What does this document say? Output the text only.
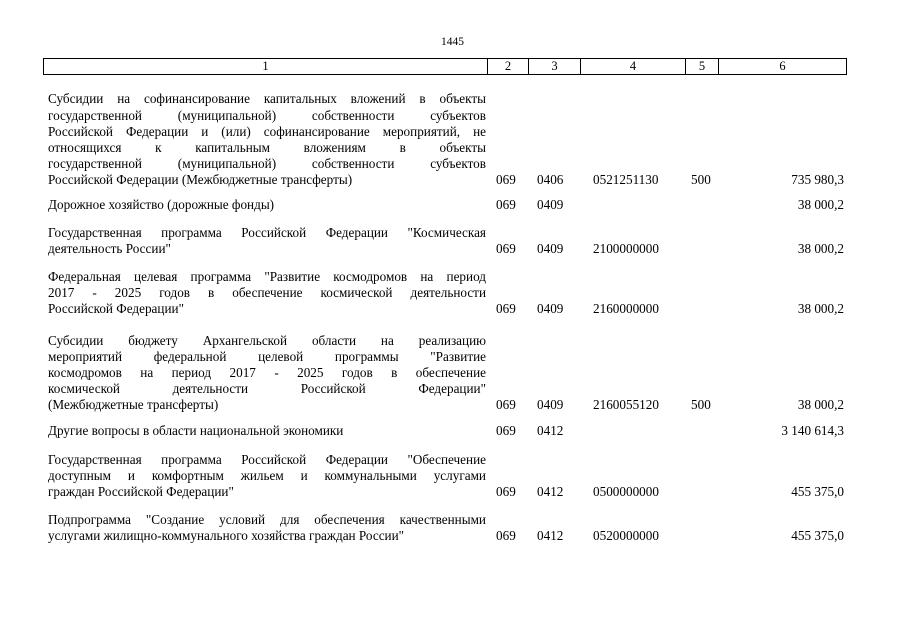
1445
1	2	3	4	5	6
Субсидии на софинансирование капитальных вложений в объекты
государственной (муниципальной) собственности субъектов
Российской Федерации и (или) софинансирование мероприятий, не
относящихся к капитальным вложениям в объекты
государственной (муниципальной) собственности субъектов
Российской Федерации (Межбюджетные трансферты)	069 0406 0521251130 500	735 980,3
Дорожное хозяйство (дорожные фонды)	069 0409	38 000,2
Государственная программа Российской Федерации "Космическая
деятельность России"	069 0409 2100000000	38 000,2
Федеральная целевая программа "Развитие космодромов на период
2017 - 2025 годов в обеспечение космической деятельности
Российской Федерации"	069 0409 2160000000	38 000,2
Субсидии бюджету Архангельской области на реализацию
мероприятий федеральной целевой программы "Развитие
космодромов на период 2017 - 2025 годов в обеспечение
космической деятельности Российской Федерации"
(Межбюджетные трансферты)	069 0409 2160055120 500	38 000,2
Другие вопросы в области национальной экономики	069 0412	3 140 614,3
Государственная программа Российской Федерации "Обеспечение
доступным и комфортным жильем и коммунальными услугами
граждан Российской Федерации"	069 0412 0500000000	455 375,0
Подпрограмма "Создание условий для обеспечения качественными
услугами жилищно-коммунального хозяйства граждан России"	069 0412 0520000000	455 375,0
